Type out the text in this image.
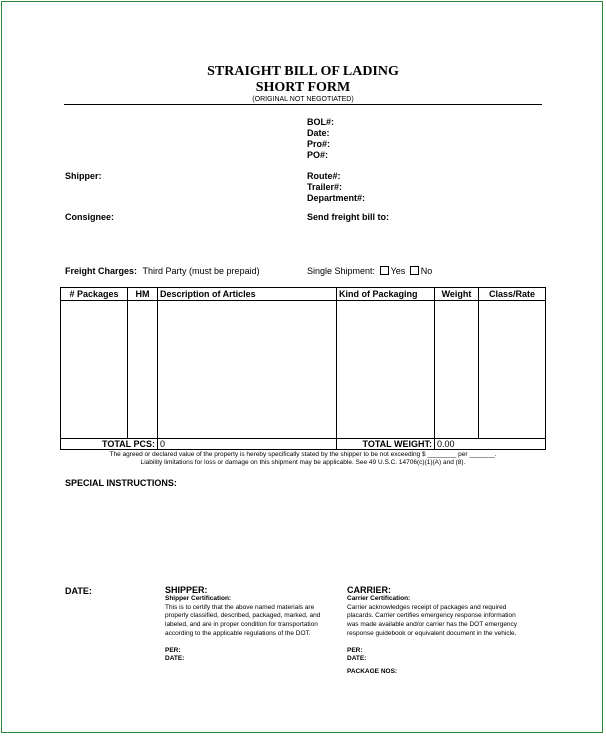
STRAIGHT BILL OF LADING
SHORT FORM
(ORIGINAL NOT NEGOTIATED)
BOL#:
Date:
Pro#:
PO#:
Shipper:	Route#:
Trailer#:
Department#:
Consignee:	Send freight bill to:
Freight Charges: Third Party (must be prepaid)	Single Shipment: Yes No
# Packages	HM	Description of Articles	Kind of Packaging	Weight	Class/Rate

TOTAL PCS:		0	TOTAL WEIGHT:	0.00	
The agreed or declared value of the property is hereby specifically stated by the shipper to be not exceeding $ ________ per _______.
Liability limitations for loss or damage on this shipment may be applicable. See 49 U.S.C. 14706(c)(1)(A) and (8).
SPECIAL INSTRUCTIONS:
DATE:	SHIPPER:
Shipper Certification:
This is to certify that the above named materials are
properly classified, described, packaged, marked, and
labeled, and are in proper condition for transportation
according to the applicable regulations of the DOT.
PER:
DATE:
CARRIER:
Carrier Certification:
Carrier acknowledges receipt of packages and required
placards. Carrier certifies emergency response information
was made available and/or carrier has the DOT emergency
response guidebook or equivalent document in the vehicle.
PER:
DATE:
PACKAGE NOS:
